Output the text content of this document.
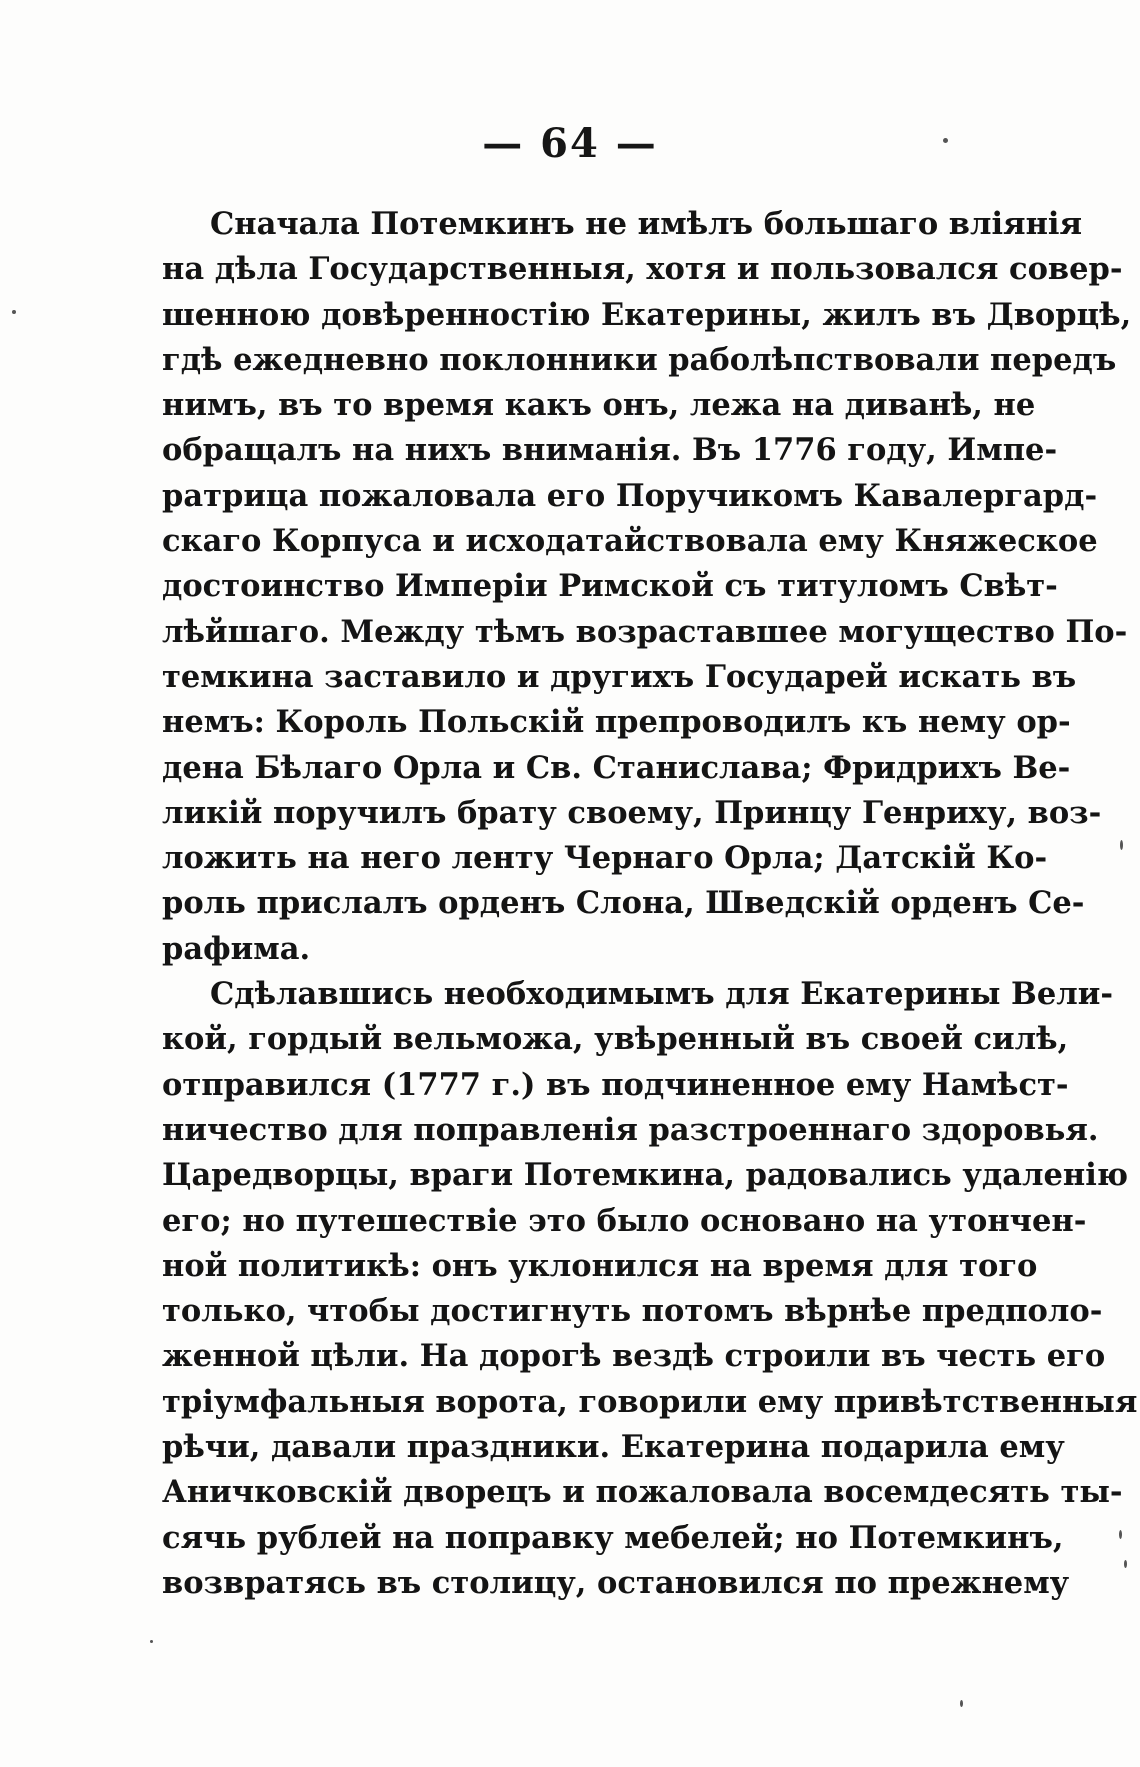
— 64 —
Сначала Потемкинъ не имѣлъ большаго вліянія
на дѣла Государственныя, хотя и пользовался совер-
шенною довѣренностію Екатерины, жилъ въ Дворцѣ,
гдѣ ежедневно поклонники раболѣпствовали передъ
нимъ, въ то время какъ онъ, лежа на диванѣ, не
обращалъ на нихъ вниманія. Въ 1776 году, Импе-
ратрица пожаловала его Поручикомъ Кавалергард-
скаго Корпуса и исходатайствовала ему Княжеское
достоинство Имперіи Римской съ титуломъ Свѣт-
лѣйшаго. Между тѣмъ возраставшее могущество По-
темкина заставило и другихъ Государей искать въ
немъ: Король Польскій препроводилъ къ нему ор-
дена Бѣлаго Орла и Св. Станислава; Фридрихъ Ве-
ликій поручилъ брату своему, Принцу Генриху, воз-
ложить на него ленту Чернаго Орла; Датскій Ко-
роль прислалъ орденъ Слона, Шведскій орденъ Се-
рафима.
Сдѣлавшись необходимымъ для Екатерины Вели-
кой, гордый вельможа, увѣренный въ своей силѣ,
отправился (1777 г.) въ подчиненное ему Намѣст-
ничество для поправленія разстроеннаго здоровья.
Царедворцы, враги Потемкина, радовались удаленію
его; но путешествіе это было основано на утончен-
ной политикѣ: онъ уклонился на время для того
только, чтобы достигнуть потомъ вѣрнѣе предполо-
женной цѣли. На дорогѣ вездѣ строили въ честь его
тріумфальныя ворота, говорили ему привѣтственныя
рѣчи, давали праздники. Екатерина подарила ему
Аничковскій дворецъ и пожаловала восемдесять ты-
сячь рублей на поправку мебелей; но Потемкинъ,
возвратясь въ столицу, остановился по прежнему
